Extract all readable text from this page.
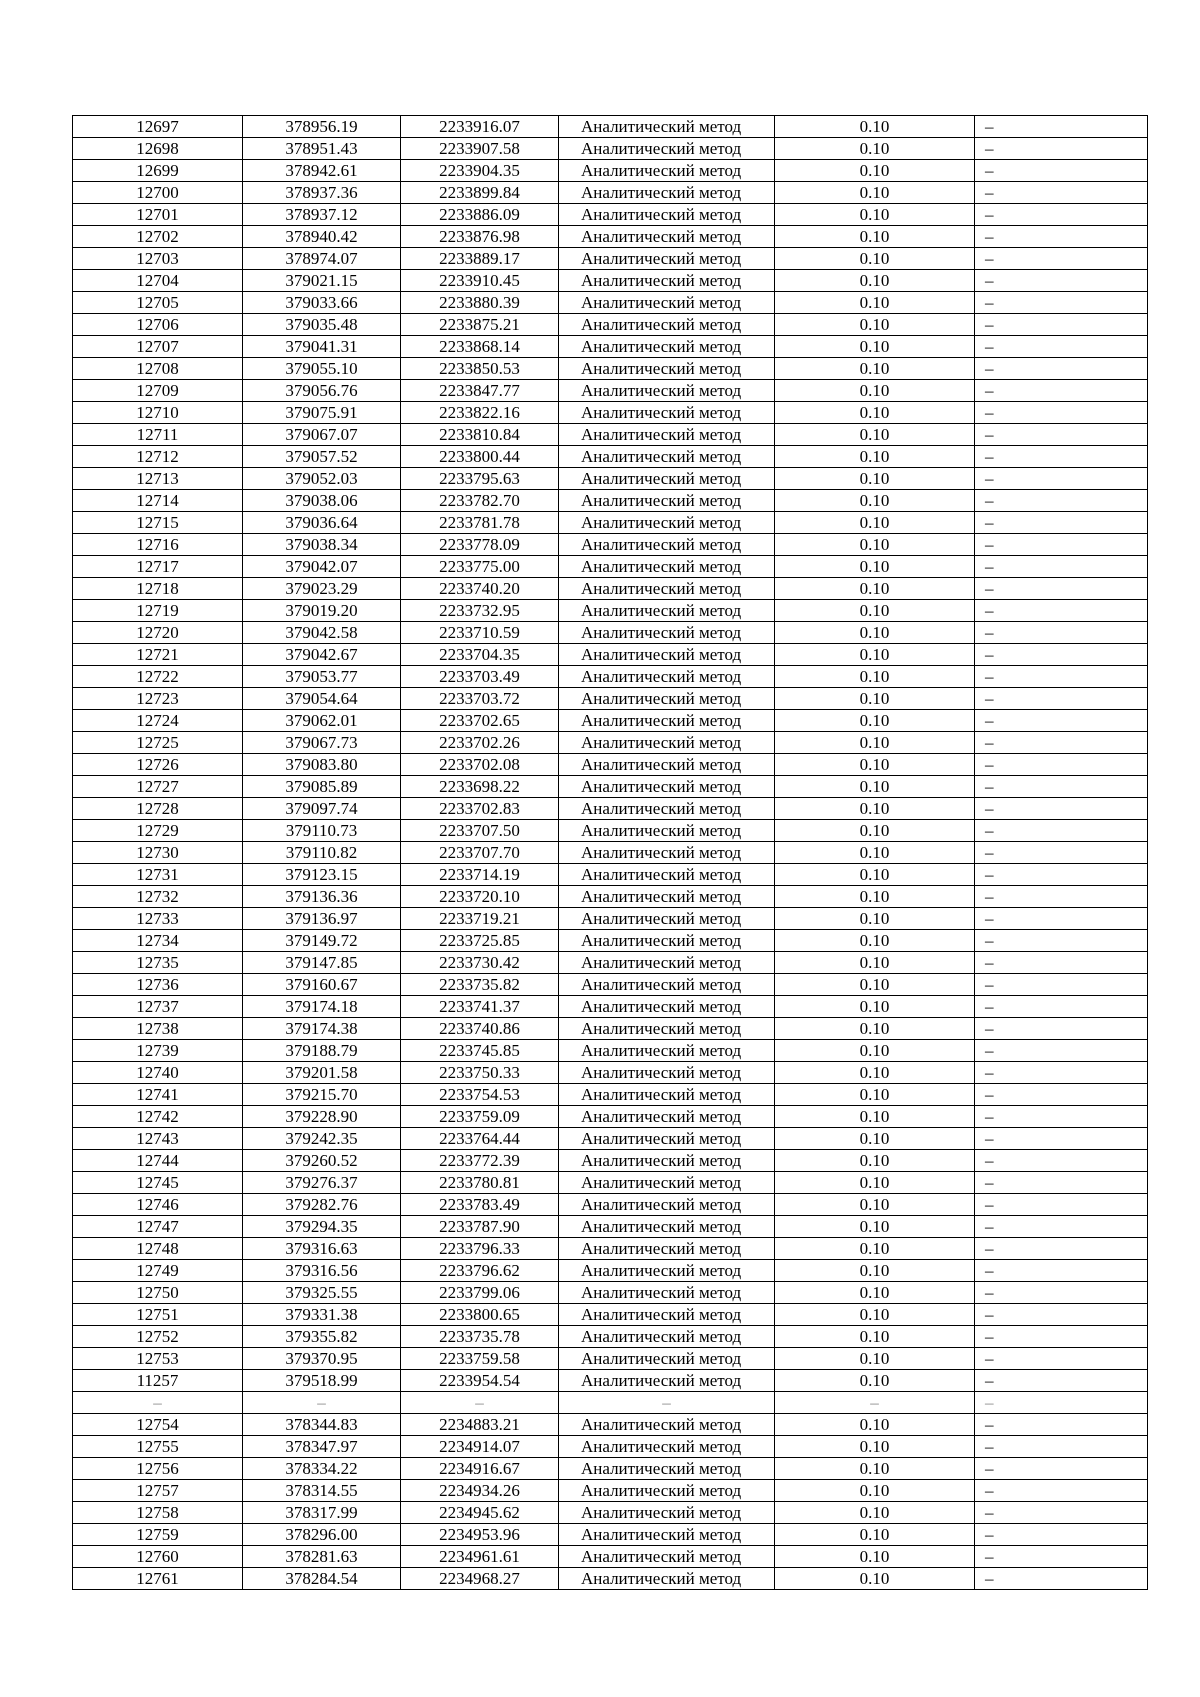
12697	378956.19	2233916.07	Аналитический метод	0.10	–
12698	378951.43	2233907.58	Аналитический метод	0.10	–
12699	378942.61	2233904.35	Аналитический метод	0.10	–
12700	378937.36	2233899.84	Аналитический метод	0.10	–
12701	378937.12	2233886.09	Аналитический метод	0.10	–
12702	378940.42	2233876.98	Аналитический метод	0.10	–
12703	378974.07	2233889.17	Аналитический метод	0.10	–
12704	379021.15	2233910.45	Аналитический метод	0.10	–
12705	379033.66	2233880.39	Аналитический метод	0.10	–
12706	379035.48	2233875.21	Аналитический метод	0.10	–
12707	379041.31	2233868.14	Аналитический метод	0.10	–
12708	379055.10	2233850.53	Аналитический метод	0.10	–
12709	379056.76	2233847.77	Аналитический метод	0.10	–
12710	379075.91	2233822.16	Аналитический метод	0.10	–
12711	379067.07	2233810.84	Аналитический метод	0.10	–
12712	379057.52	2233800.44	Аналитический метод	0.10	–
12713	379052.03	2233795.63	Аналитический метод	0.10	–
12714	379038.06	2233782.70	Аналитический метод	0.10	–
12715	379036.64	2233781.78	Аналитический метод	0.10	–
12716	379038.34	2233778.09	Аналитический метод	0.10	–
12717	379042.07	2233775.00	Аналитический метод	0.10	–
12718	379023.29	2233740.20	Аналитический метод	0.10	–
12719	379019.20	2233732.95	Аналитический метод	0.10	–
12720	379042.58	2233710.59	Аналитический метод	0.10	–
12721	379042.67	2233704.35	Аналитический метод	0.10	–
12722	379053.77	2233703.49	Аналитический метод	0.10	–
12723	379054.64	2233703.72	Аналитический метод	0.10	–
12724	379062.01	2233702.65	Аналитический метод	0.10	–
12725	379067.73	2233702.26	Аналитический метод	0.10	–
12726	379083.80	2233702.08	Аналитический метод	0.10	–
12727	379085.89	2233698.22	Аналитический метод	0.10	–
12728	379097.74	2233702.83	Аналитический метод	0.10	–
12729	379110.73	2233707.50	Аналитический метод	0.10	–
12730	379110.82	2233707.70	Аналитический метод	0.10	–
12731	379123.15	2233714.19	Аналитический метод	0.10	–
12732	379136.36	2233720.10	Аналитический метод	0.10	–
12733	379136.97	2233719.21	Аналитический метод	0.10	–
12734	379149.72	2233725.85	Аналитический метод	0.10	–
12735	379147.85	2233730.42	Аналитический метод	0.10	–
12736	379160.67	2233735.82	Аналитический метод	0.10	–
12737	379174.18	2233741.37	Аналитический метод	0.10	–
12738	379174.38	2233740.86	Аналитический метод	0.10	–
12739	379188.79	2233745.85	Аналитический метод	0.10	–
12740	379201.58	2233750.33	Аналитический метод	0.10	–
12741	379215.70	2233754.53	Аналитический метод	0.10	–
12742	379228.90	2233759.09	Аналитический метод	0.10	–
12743	379242.35	2233764.44	Аналитический метод	0.10	–
12744	379260.52	2233772.39	Аналитический метод	0.10	–
12745	379276.37	2233780.81	Аналитический метод	0.10	–
12746	379282.76	2233783.49	Аналитический метод	0.10	–
12747	379294.35	2233787.90	Аналитический метод	0.10	–
12748	379316.63	2233796.33	Аналитический метод	0.10	–
12749	379316.56	2233796.62	Аналитический метод	0.10	–
12750	379325.55	2233799.06	Аналитический метод	0.10	–
12751	379331.38	2233800.65	Аналитический метод	0.10	–
12752	379355.82	2233735.78	Аналитический метод	0.10	–
12753	379370.95	2233759.58	Аналитический метод	0.10	–
11257	379518.99	2233954.54	Аналитический метод	0.10	–
–	–	–	–	–	–
12754	378344.83	2234883.21	Аналитический метод	0.10	–
12755	378347.97	2234914.07	Аналитический метод	0.10	–
12756	378334.22	2234916.67	Аналитический метод	0.10	–
12757	378314.55	2234934.26	Аналитический метод	0.10	–
12758	378317.99	2234945.62	Аналитический метод	0.10	–
12759	378296.00	2234953.96	Аналитический метод	0.10	–
12760	378281.63	2234961.61	Аналитический метод	0.10	–
12761	378284.54	2234968.27	Аналитический метод	0.10	–
